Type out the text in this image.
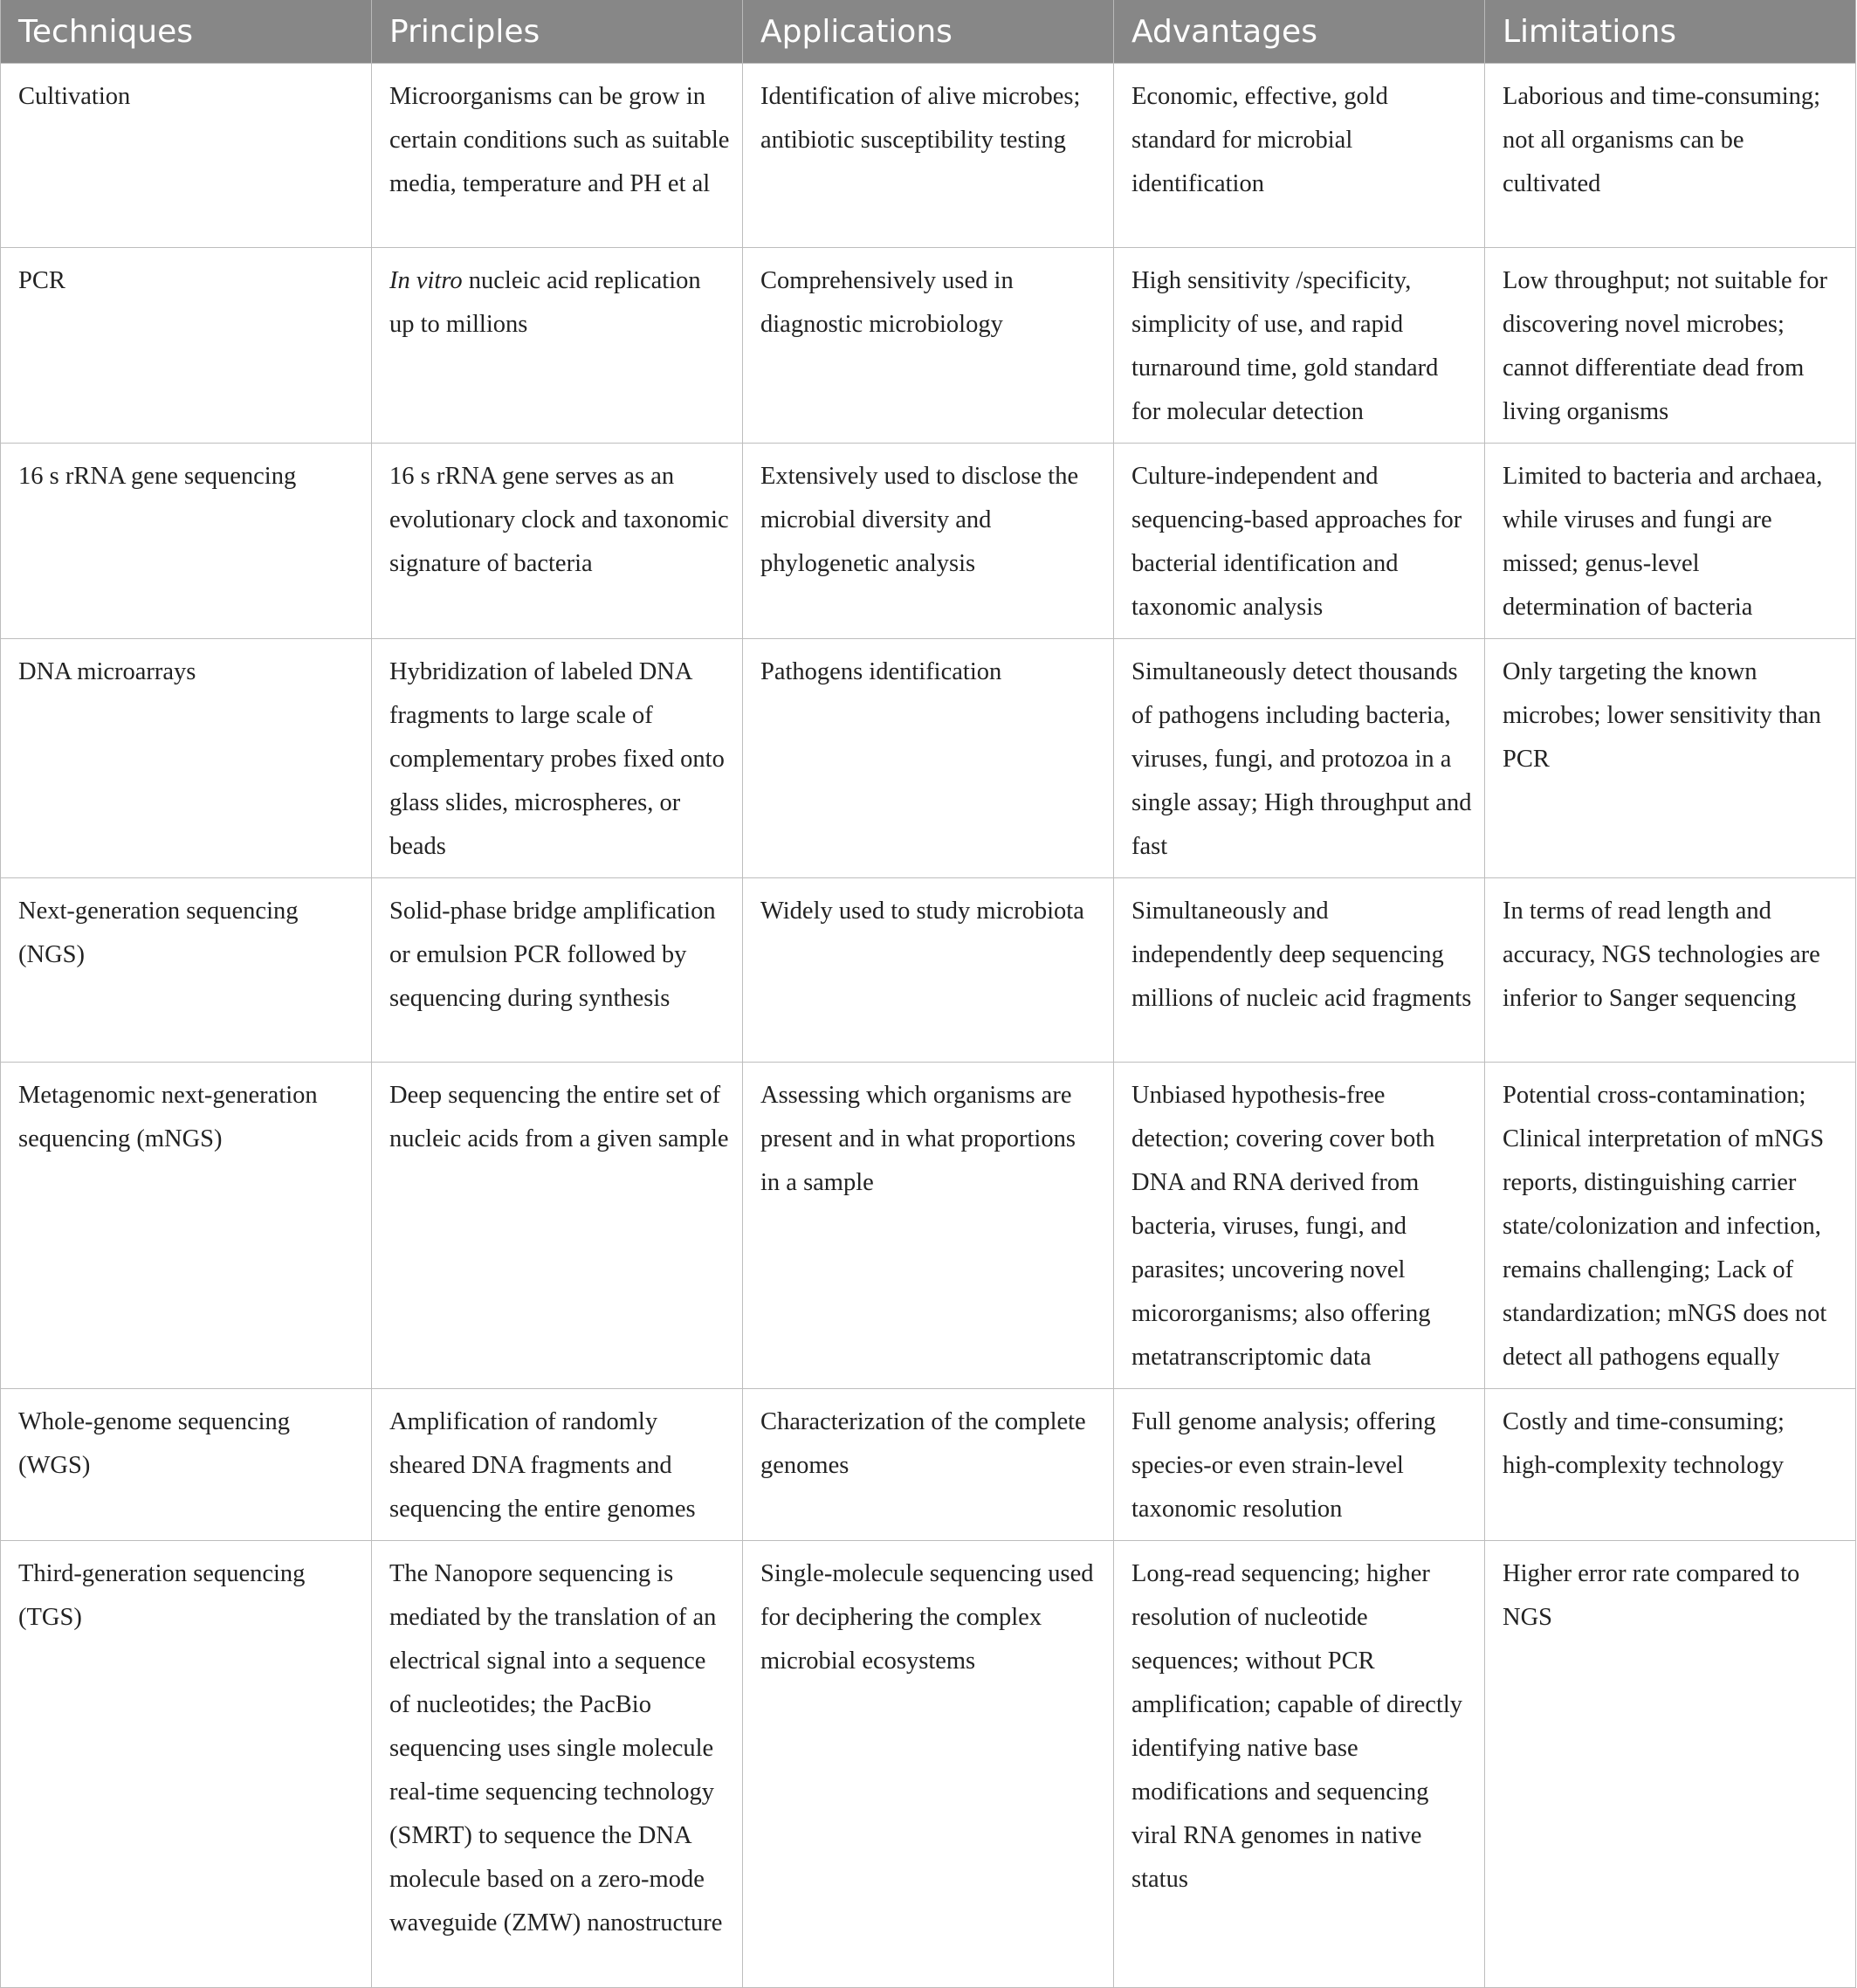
Techniques	Principles	Applications	Advantages	Limitations
Cultivation	Microorganisms can be grow in certain conditions such as suitable media, temperature and PH et al	Identification of alive microbes; antibiotic susceptibility testing	Economic, effective, gold standard for microbial identification	Laborious and time-consuming; not all organisms can be cultivated
PCR	In vitro nucleic acid replication up to millions	Comprehensively used in diagnostic microbiology	High sensitivity /specificity, simplicity of use, and rapid turnaround time, gold standard for molecular detection	Low throughput; not suitable for discovering novel microbes; cannot differentiate dead from living organisms
16 s rRNA gene sequencing	16 s rRNA gene serves as an evolutionary clock and taxonomic signature of bacteria	Extensively used to disclose the microbial diversity and phylogenetic analysis	Culture-independent and sequencing-based approaches for bacterial identification and taxonomic analysis	Limited to bacteria and archaea, while viruses and fungi are missed; genus-level determination of bacteria
DNA microarrays	Hybridization of labeled DNA fragments to large scale of complementary probes fixed onto glass slides, microspheres, or beads	Pathogens identification	Simultaneously detect thousands of pathogens including bacteria, viruses, fungi, and protozoa in a single assay; High throughput and fast	Only targeting the known microbes; lower sensitivity than PCR
Next-generation sequencing (NGS)	Solid-phase bridge amplification or emulsion PCR followed by sequencing during synthesis	Widely used to study microbiota	Simultaneously and independently deep sequencing millions of nucleic acid fragments	In terms of read length and accuracy, NGS technologies are inferior to Sanger sequencing
Metagenomic next-generation sequencing (mNGS)	Deep sequencing the entire set of nucleic acids from a given sample	Assessing which organisms are present and in what proportions in a sample	Unbiased hypothesis-free detection; covering cover both DNA and RNA derived from bacteria, viruses, fungi, and parasites; uncovering novel micororganisms; also offering metatranscriptomic data	Potential cross-contamination; Clinical interpretation of mNGS reports, distinguishing carrier state/colonization and infection, remains challenging; Lack of standardization; mNGS does not detect all pathogens equally
Whole-genome sequencing (WGS)	Amplification of randomly sheared DNA fragments and sequencing the entire genomes	Characterization of the complete genomes	Full genome analysis; offering species-or even strain-level taxonomic resolution	Costly and time-consuming; high-complexity technology
Third-generation sequencing (TGS)	The Nanopore sequencing is mediated by the translation of an electrical signal into a sequence of nucleotides; the PacBio sequencing uses single molecule real-time sequencing technology (SMRT) to sequence the DNA molecule based on a zero-mode waveguide (ZMW) nanostructure	Single-molecule sequencing used for deciphering the complex microbial ecosystems	Long-read sequencing; higher resolution of nucleotide sequences; without PCR amplification; capable of directly identifying native base modifications and sequencing viral RNA genomes in native status	Higher error rate compared to NGS
